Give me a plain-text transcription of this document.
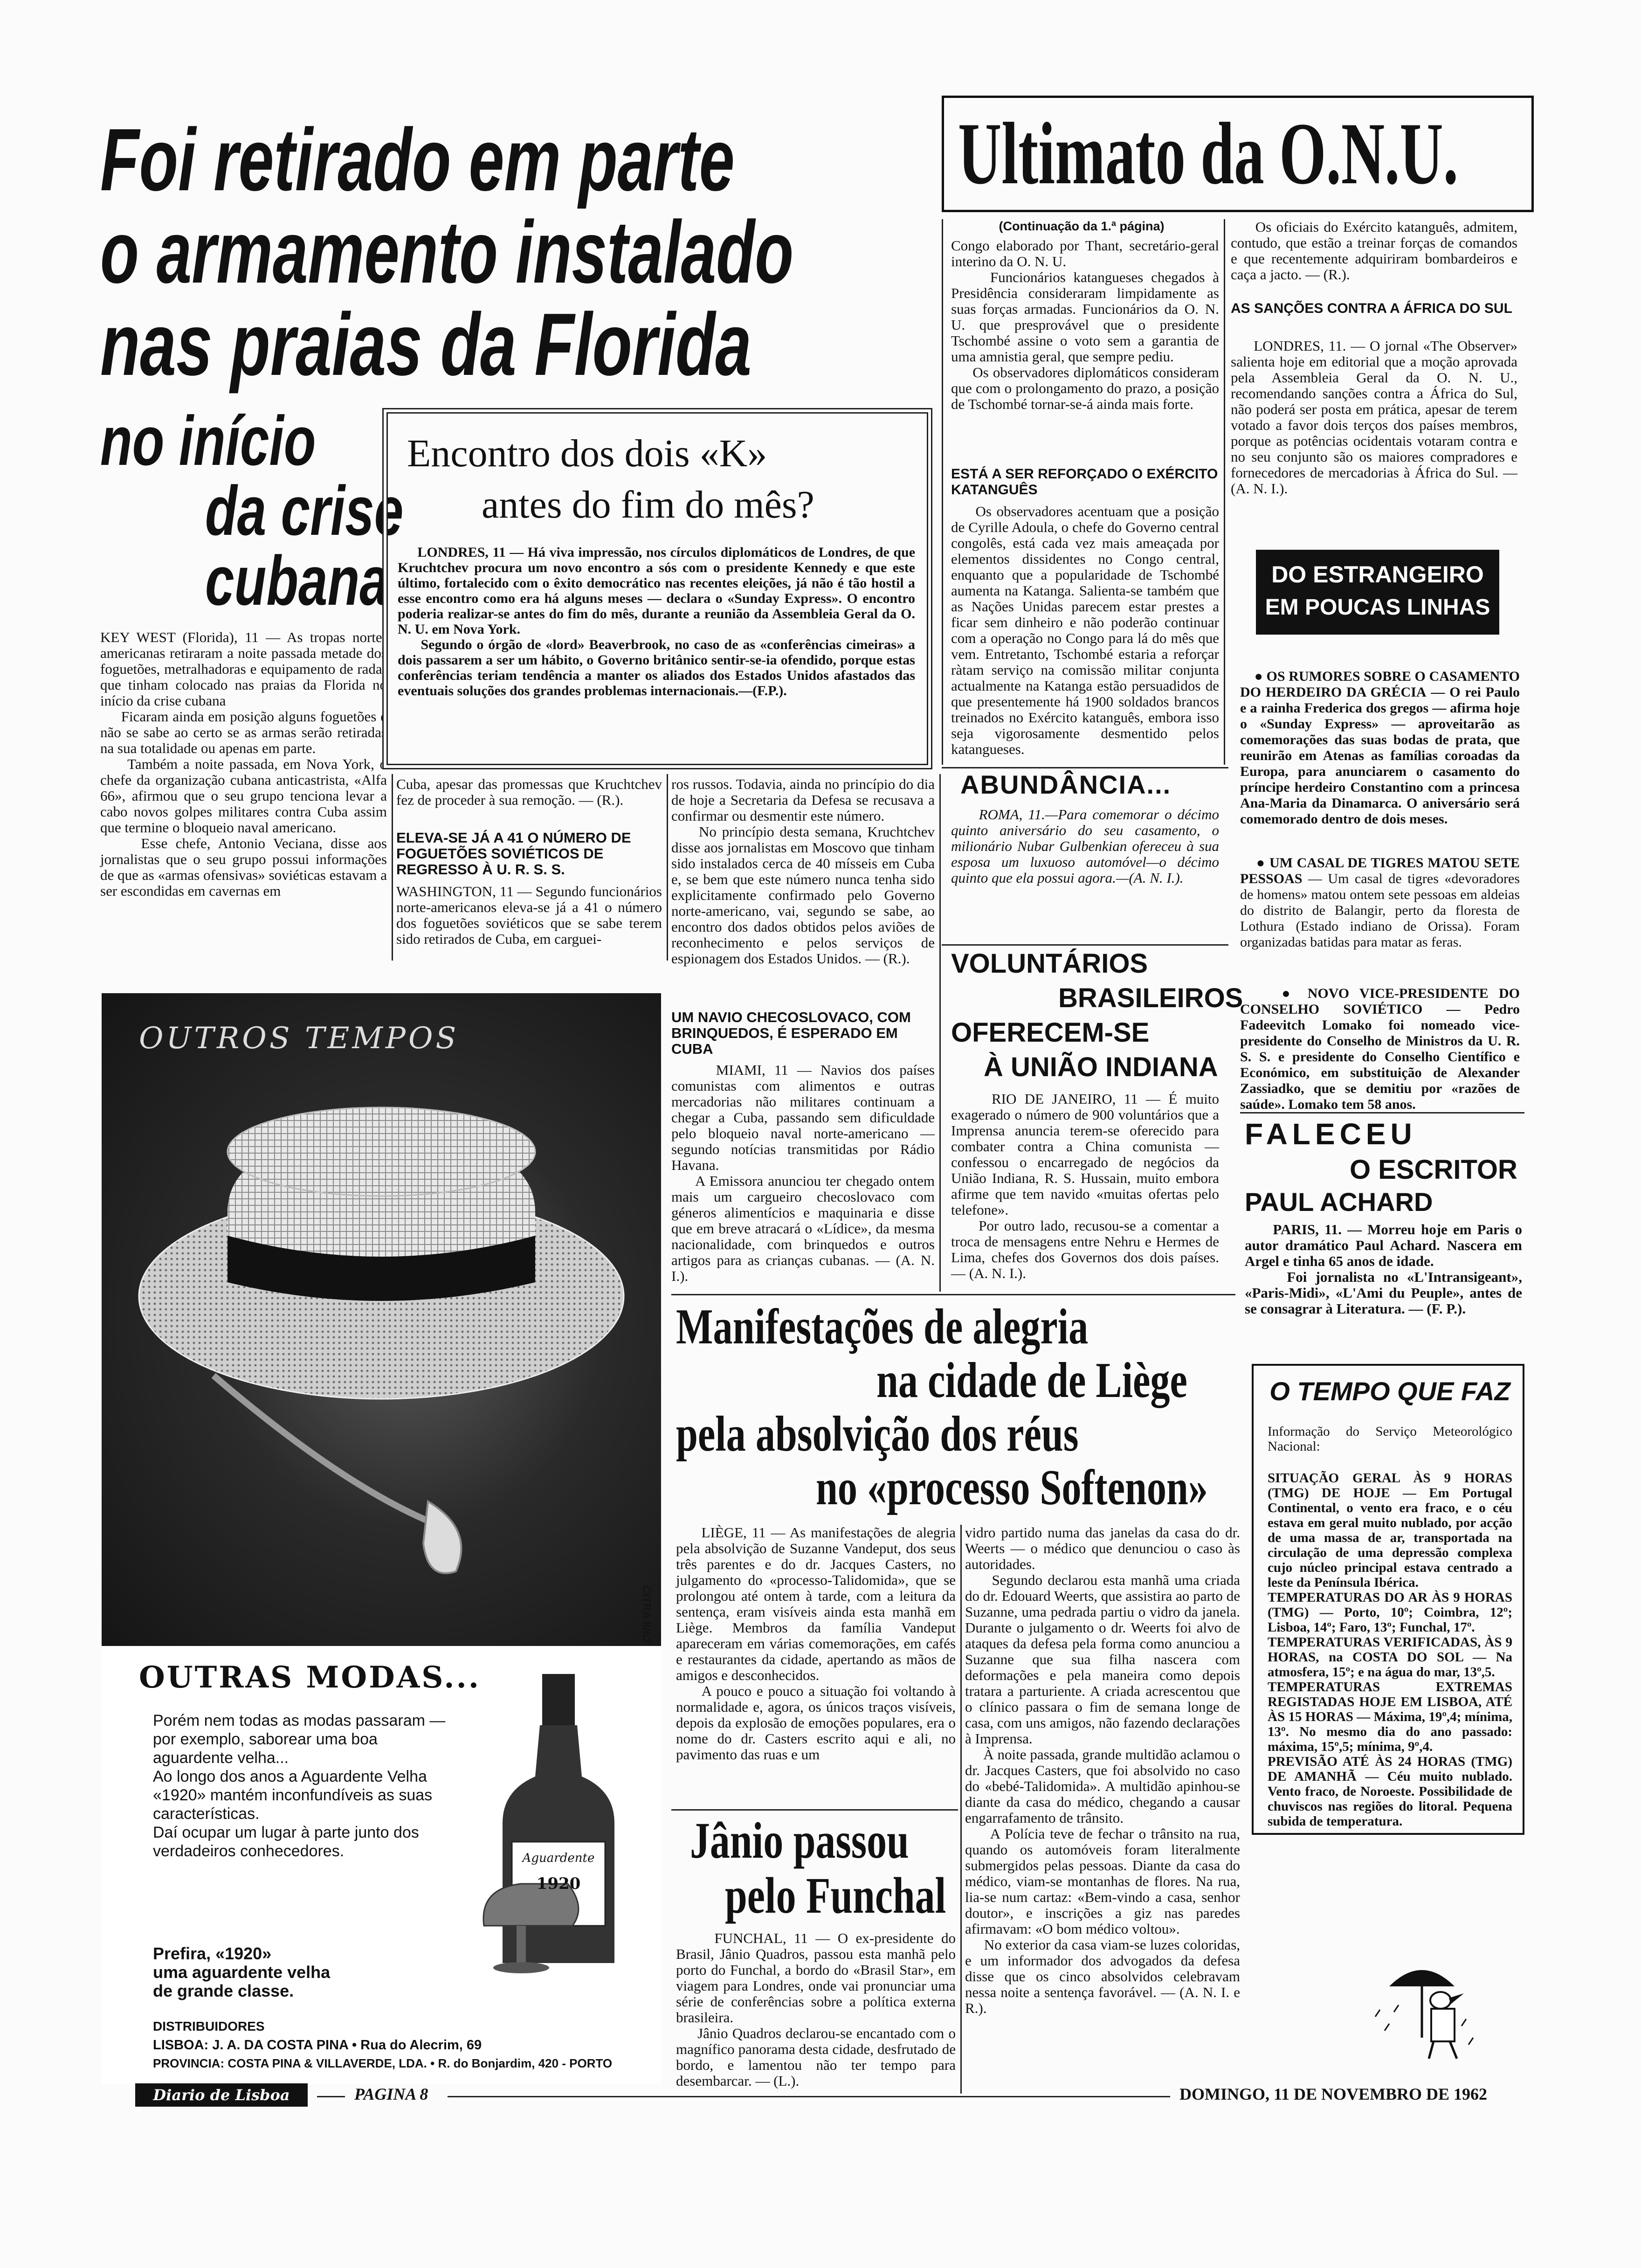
Foi retirado em parte
o armamento instalado
nas praias da Florida
no início
da crise
cubana
KEY WEST (Florida), 11 — As tropas norte-americanas retiraram a noite passada metade dos foguetões, metralhadoras e equipamento de radar que tinham colocado nas praias da Florida no início da crise cubana
Ficaram ainda em posição alguns foguetões e não se sabe ao certo se as armas serão retiradas na sua totalidade ou apenas em parte.
Também a noite passada, em Nova York, o chefe da organização cubana anticastrista, «Alfa 66», afirmou que o seu grupo tenciona levar a cabo novos golpes militares contra Cuba assim que termine o bloqueio naval americano.
Esse chefe, Antonio Veciana, disse aos jornalistas que o seu grupo possui informações de que as «armas ofensivas» soviéticas estavam a ser escondidas em cavernas em
Cuba, apesar das promessas que Kruchtchev fez de proceder à sua remoção. — (R.).
ELEVA-SE JÁ A 41 O NÚMERO DE FOGUETÕES SOVIÉTICOS DE REGRESSO À U. R. S. S.
WASHINGTON, 11 — Segundo funcionários norte-americanos eleva-se já a 41 o número dos foguetões soviéticos que se sabe terem sido retirados de Cuba, em carguei-
ros russos. Todavia, ainda no princípio do dia de hoje a Secretaria da Defesa se recusava a confirmar ou desmentir este número.
No princípio desta semana, Kruchtchev disse aos jornalistas em Moscovo que tinham sido instalados cerca de 40 mísseis em Cuba e, se bem que este número nunca tenha sido explicitamente confirmado pelo Governo norte-americano, vai, segundo se sabe, ao encontro dos dados obtidos pelos aviões de reconhecimento e pelos serviços de espionagem dos Estados Unidos. — (R.).
Encontro dos dois «K»
antes do fim do mês?
LONDRES, 11 — Há viva impressão, nos círculos diplomáticos de Londres, de que Kruchtchev procura um novo encontro a sós com o presidente Kennedy e que este último, fortalecido com o êxito democrático nas recentes eleições, já não é tão hostil a esse encontro como era há alguns meses — declara o «Sunday Express». O encontro poderia realizar-se antes do fim do mês, durante a reunião da Assembleia Geral da O. N. U. em Nova York.
Segundo o órgão de «lord» Beaverbrook, no caso de as «conferências cimeiras» a dois passarem a ser um hábito, o Governo britânico sentir-se-ia ofendido, porque estas conferências teriam tendência a manter os aliados dos Estados Unidos afastados das eventuais soluções dos grandes problemas internacionais.—(F.P.).
UM NAVIO CHECOSLOVACO, COM BRINQUEDOS, É ESPERADO EM CUBA
MIAMI, 11 — Navios dos países comunistas com alimentos e outras mercadorias não militares continuam a chegar a Cuba, passando sem dificuldade pelo bloqueio naval norte-americano — segundo notícias transmitidas por Rádio Havana.
A Emissora anunciou ter chegado ontem mais um cargueiro checoslovaco com géneros alimentícios e maquinaria e disse que em breve atracará o «Lídice», da mesma nacionalidade, com brinquedos e outros artigos para as crianças cubanas. — (A. N. I.).
OUTROS TEMPOS
OUTRAS MODAS...
Porém nem todas as modas passaram — por exemplo, saborear uma boa aguardente velha...
Ao longo dos anos a Aguardente Velha «1920» mantém inconfundíveis as suas características.
Daí ocupar um lugar à parte junto dos verdadeiros conhecedores.
Prefira, «1920»
uma aguardente velha
de grande classe.
Aguardente
1920
DISTRIBUIDORES
LISBOA: J. A. DA COSTA PINA • Rua do Alecrim, 69
PROVINCIA: COSTA PINA & VILLAVERDE, LDA. • R. do Bonjardim, 420 - PORTO
CITRA 8/62
Ultimato da O.N.U.
(Continuação da 1.ª página)
Congo elaborado por Thant, secretário-geral interino da O. N. U.
Funcionários katangueses chegados à Presidência consideraram limpidamente as suas forças armadas. Funcionários da O. N. U. que presprovável que o presidente Tschombé assine o voto sem a garantia de uma amnistia geral, que sempre pediu.
Os observadores diplomáticos consideram que com o prolongamento do prazo, a posição de Tschombé tornar-se-á ainda mais forte.
ESTÁ A SER REFORÇADO O EXÉRCITO KATANGUÊS
Os observadores acentuam que a posição de Cyrille Adoula, o chefe do Governo central congolês, está cada vez mais ameaçada por elementos dissidentes no Congo central, enquanto que a popularidade de Tschombé aumenta na Katanga. Salienta-se também que as Nações Unidas parecem estar prestes a ficar sem dinheiro e não poderão continuar com a operação no Congo para lá do mês que vem. Entretanto, Tschombé estaria a reforçar ràtam serviço na comissão militar conjunta actualmente na Katanga estão persuadidos de que presentemente há 1900 soldados brancos treinados no Exército katanguês, embora isso seja vigorosamente desmentido pelos katangueses.
Os oficiais do Exército katanguês, admitem, contudo, que estão a treinar forças de comandos e que recentemente adquiriram bombardeiros e caça a jacto. — (R.).
AS SANÇÕES CONTRA A ÁFRICA DO SUL
LONDRES, 11. — O jornal «The Observer» salienta hoje em editorial que a moção aprovada pela Assembleia Geral da O. N. U., recomendando sanções contra a África do Sul, não poderá ser posta em prática, apesar de terem votado a favor dois terços dos países membros, porque as potências ocidentais votaram contra e no seu conjunto são os maiores compradores e fornecedores de mercadorias à África do Sul. — (A. N. I.).
ABUNDÂNCIA...
ROMA, 11.—Para comemorar o décimo quinto aniversário do seu casamento, o milionário Nubar Gulbenkian ofereceu à sua esposa um luxuoso automóvel—o décimo quinto que ela possui agora.—(A. N. I.).
VOLUNTÁRIOS
BRASILEIROS
OFERECEM-SE
À UNIÃO INDIANA
RIO DE JANEIRO, 11 — É muito exagerado o número de 900 voluntários que a Imprensa anuncia terem-se oferecido para combater contra a China comunista — confessou o encarregado de negócios da União Indiana, R. S. Hussain, muito embora afirme que tem navido «muitas ofertas pelo telefone».
Por outro lado, recusou-se a comentar a troca de mensagens entre Nehru e Hermes de Lima, chefes dos Governos dos dois países. — (A. N. I.).
DO ESTRANGEIRO
EM POUCAS LINHAS

● OS RUMORES SOBRE O CASAMENTO DO HERDEIRO DA GRÉCIA — O rei Paulo e a rainha Frederica dos gregos — afirma hoje o «Sunday Express» — aproveitarão as comemorações das suas bodas de prata, que reunirão em Atenas as famílias coroadas da Europa, para anunciarem o casamento do príncipe herdeiro Constantino com a princesa Ana-Maria da Dinamarca. O aniversário será comemorado dentro de dois meses.

● UM CASAL DE TIGRES MATOU SETE PESSOAS — Um casal de tigres «devoradores de homens» matou ontem sete pessoas em aldeias do distrito de Balangir, perto da floresta de Lothura (Estado indiano de Orissa). Foram organizadas batidas para matar as feras.

● NOVO VICE-PRESIDENTE DO CONSELHO SOVIÉTICO — Pedro Fadeevitch Lomako foi nomeado vice-presidente do Conselho de Ministros da U. R. S. S. e presidente do Conselho Científico e Económico, em substituição de Alexander Zassiadko, que se demitiu por «razões de saúde». Lomako tem 58 anos.

FALECEU
O ESCRITOR
PAUL ACHARD
PARIS, 11. — Morreu hoje em Paris o autor dramático Paul Achard. Nascera em Argel e tinha 65 anos de idade.
Foi jornalista no «L'Intransigeant», «Paris-Midi», «L'Ami du Peuple», antes de se consagrar à Literatura. — (F. P.).
O TEMPO QUE FAZ
Informação do Serviço Meteorológico Nacional:
SITUAÇÃO GERAL ÀS 9 HORAS (TMG) DE HOJE — Em Portugal Continental, o vento era fraco, e o céu estava em geral muito nublado, por acção de uma massa de ar, transportada na circulação de uma depressão complexa cujo núcleo principal estava centrado a leste da Península Ibérica.
TEMPERATURAS DO AR ÀS 9 HORAS (TMG) — Porto, 10º; Coimbra, 12º; Lisboa, 14º; Faro, 13º; Funchal, 17º.
TEMPERATURAS VERIFICADAS, ÀS 9 HORAS, na COSTA DO SOL — Na atmosfera, 15º; e na água do mar, 13º,5.
TEMPERATURAS EXTREMAS REGISTADAS HOJE EM LISBOA, ATÉ ÀS 15 HORAS — Máxima, 19º,4; mínima, 13º. No mesmo dia do ano passado: máxima, 15º,5; mínima, 9º,4.
PREVISÃO ATÉ ÀS 24 HORAS (TMG) DE AMANHÃ — Céu muito nublado. Vento fraco, de Noroeste. Possibilidade de chuviscos nas regiões do litoral. Pequena subida de temperatura.
Manifestações de alegria
na cidade de Liège
pela absolvição dos réus
no «processo Softenon»
LIÈGE, 11 — As manifestações de alegria pela absolvição de Suzanne Vandeput, dos seus três parentes e do dr. Jacques Casters, no julgamento do «processo-Talidomida», que se prolongou até ontem à tarde, com a leitura da sentença, eram visíveis ainda esta manhã em Liège. Membros da família Vandeput apareceram em várias comemorações, em cafés e restaurantes da cidade, apertando as mãos de amigos e desconhecidos.
A pouco e pouco a situação foi voltando à normalidade e, agora, os únicos traços visíveis, depois da explosão de emoções populares, era o nome do dr. Casters escrito aqui e ali, no pavimento das ruas e um
vidro partido numa das janelas da casa do dr. Weerts — o médico que denunciou o caso às autoridades.
Segundo declarou esta manhã uma criada do dr. Edouard Weerts, que assistira ao parto de Suzanne, uma pedrada partiu o vidro da janela. Durante o julgamento o dr. Weerts foi alvo de ataques da defesa pela forma como anunciou a Suzanne que sua filha nascera com deformações e pela maneira como depois tratara a parturiente. A criada acrescentou que o clínico passara o fim de semana longe de casa, com uns amigos, não fazendo declarações à Imprensa.
À noite passada, grande multidão aclamou o dr. Jacques Casters, que foi absolvido no caso do «bebé-Talidomida». A multidão apinhou-se diante da casa do médico, chegando a causar engarrafamento de trânsito.
A Polícia teve de fechar o trânsito na rua, quando os automóveis foram literalmente submergidos pelas pessoas. Diante da casa do médico, viam-se montanhas de flores. Na rua, lia-se num cartaz: «Bem-vindo a casa, senhor doutor», e inscrições a giz nas paredes afirmavam: «O bom médico voltou».
No exterior da casa viam-se luzes coloridas, e um informador dos advogados da defesa disse que os cinco absolvidos celebravam nessa noite a sentença favorável. — (A. N. I. e R.).
Jânio passou
pelo Funchal
FUNCHAL, 11 — O ex-presidente do Brasil, Jânio Quadros, passou esta manhã pelo porto do Funchal, a bordo do «Brasil Star», em viagem para Londres, onde vai pronunciar uma série de conferências sobre a política externa brasileira.
Jânio Quadros declarou-se encantado com o magnífico panorama desta cidade, desfrutado de bordo, e lamentou não ter tempo para desembarcar. — (L.).
Diario de Lisboa	PAGINA 8	DOMINGO, 11 DE NOVEMBRO DE 1962
